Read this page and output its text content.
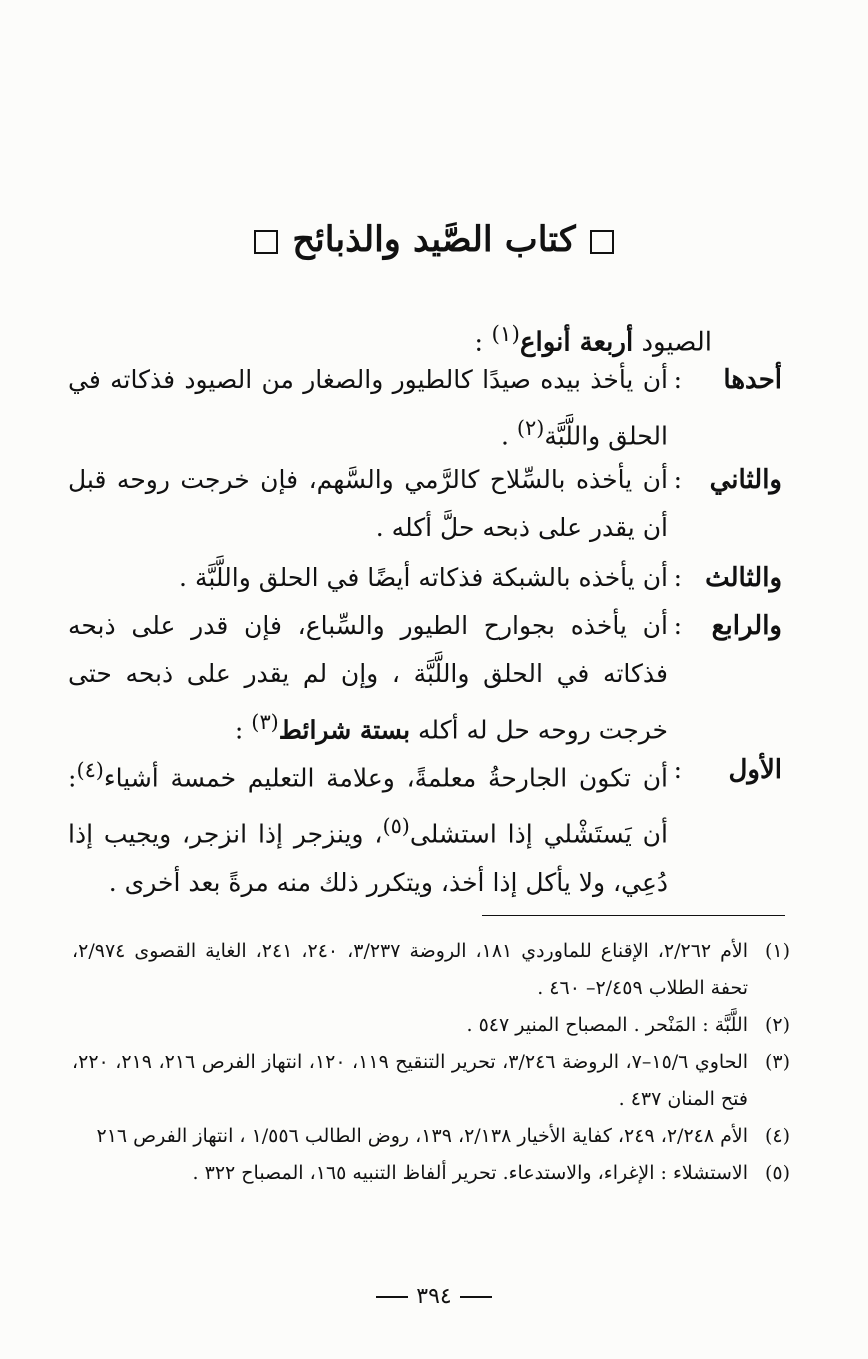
كتاب الصَّيد والذبائح
الصيود أربعة أنواع$^{(١)}$ :
أحدها
:
أن يأخذ بيده صيدًا كالطيور والصغار من الصيود فذكاته في الحلق واللَّبَّة$^{(٢)}$ .
والثاني
:
أن يأخذه بالسِّلاح كالرَّمي والسَّهم، فإن خرجت روحه قبل أن يقدر على ذبحه حلَّ أكله .
والثالث
:
أن يأخذه بالشبكة فذكاته أيضًا في الحلق واللَّبَّة .
والرابع
:
أن يأخذه بجوارح الطيور والسِّباع، فإن قدر على ذبحه فذكاته في الحلق واللَّبَّة ، وإن لم يقدر على ذبحه حتى خرجت روحه حل له أكله بستة شرائط$^{(٣)}$ :
الأول
:
أن تكون الجارحةُ معلمةً، وعلامة التعليم خمسة أشياء$^{(٤)}$: أن يَستَشْلي إذا استشلى$^{(٥)}$، وينزجر إذا انزجر، ويجيب إذا دُعِي، ولا يأكل إذا أخذ، ويتكرر ذلك منه مرةً بعد أخرى .
(١)
الأم ٢/٢٦٢، الإقناع للماوردي ١٨١، الروضة ٣/٢٣٧، ٢٤٠، ٢٤١، الغاية القصوى ٢/٩٧٤، تحفة الطلاب ٢/٤٥٩– ٤٦٠ .
(٢)
اللَّبَّة : المَنْحر . المصباح المنير ٥٤٧ .
(٣)
الحاوي ١٥/٦–٧، الروضة ٣/٢٤٦، تحرير التنقيح ١١٩، ١٢٠، انتهاز الفرص ٢١٦، ٢١٩، ٢٢٠، فتح المنان ٤٣٧ .
(٤)
الأم ٢/٢٤٨، ٢٤٩، كفاية الأخيار ٢/١٣٨، ١٣٩، روض الطالب ١/٥٥٦ ، انتهاز الفرص ٢١٦
(٥)
الاستشلاء : الإغراء، والاستدعاء. تحرير ألفاظ التنبيه ١٦٥، المصباح ٣٢٢ .
٣٩٤
